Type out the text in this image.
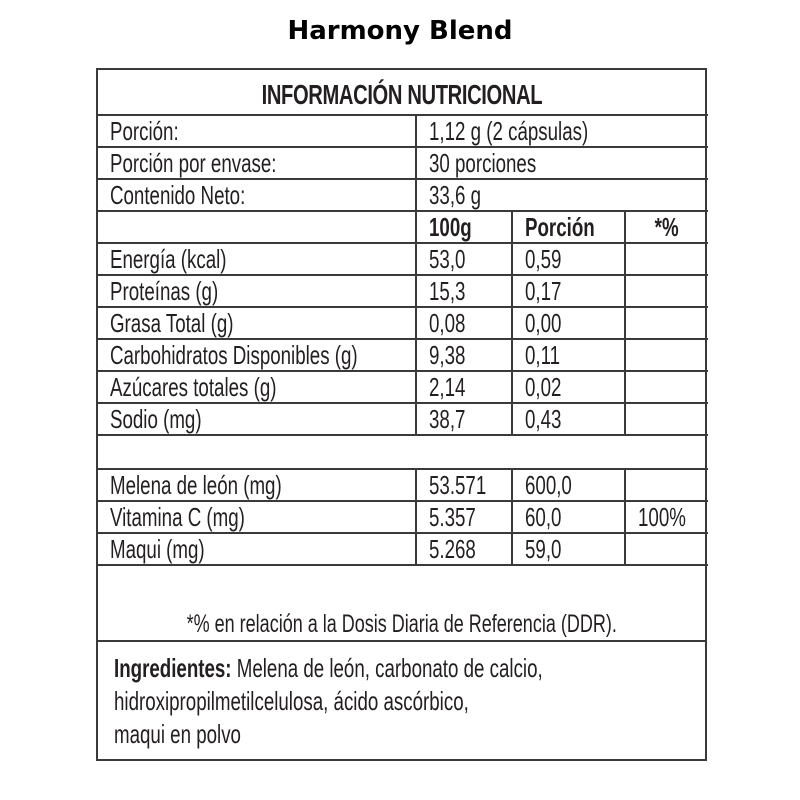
Harmony Blend
INFORMACIÓN NUTRICIONAL
Porción:	1,12 g (2 cápsulas)		
Porción por envase:	30 porciones		
Contenido Neto:	33,6 g		
	100g	Porción	*%
Energía (kcal)	53,0	0,59	
Proteínas (g)	15,3	0,17	
Grasa Total (g)	0,08	0,00	
Carbohidratos Disponibles (g)	9,38	0,11	
Azúcares totales (g)	2,14	0,02	
Sodio (mg)	38,7	0,43	

Melena de león (mg)	53.571	600,0	
Vitamina C (mg)	5.357	60,0	100%
Maqui (mg)	5.268	59,0	
*% en relación a la Dosis Diaria de Referencia (DDR).
Ingredientes: Melena de león, carbonato de calcio,
hidroxipropilmetilcelulosa, ácido ascórbico,
maqui en polvo
